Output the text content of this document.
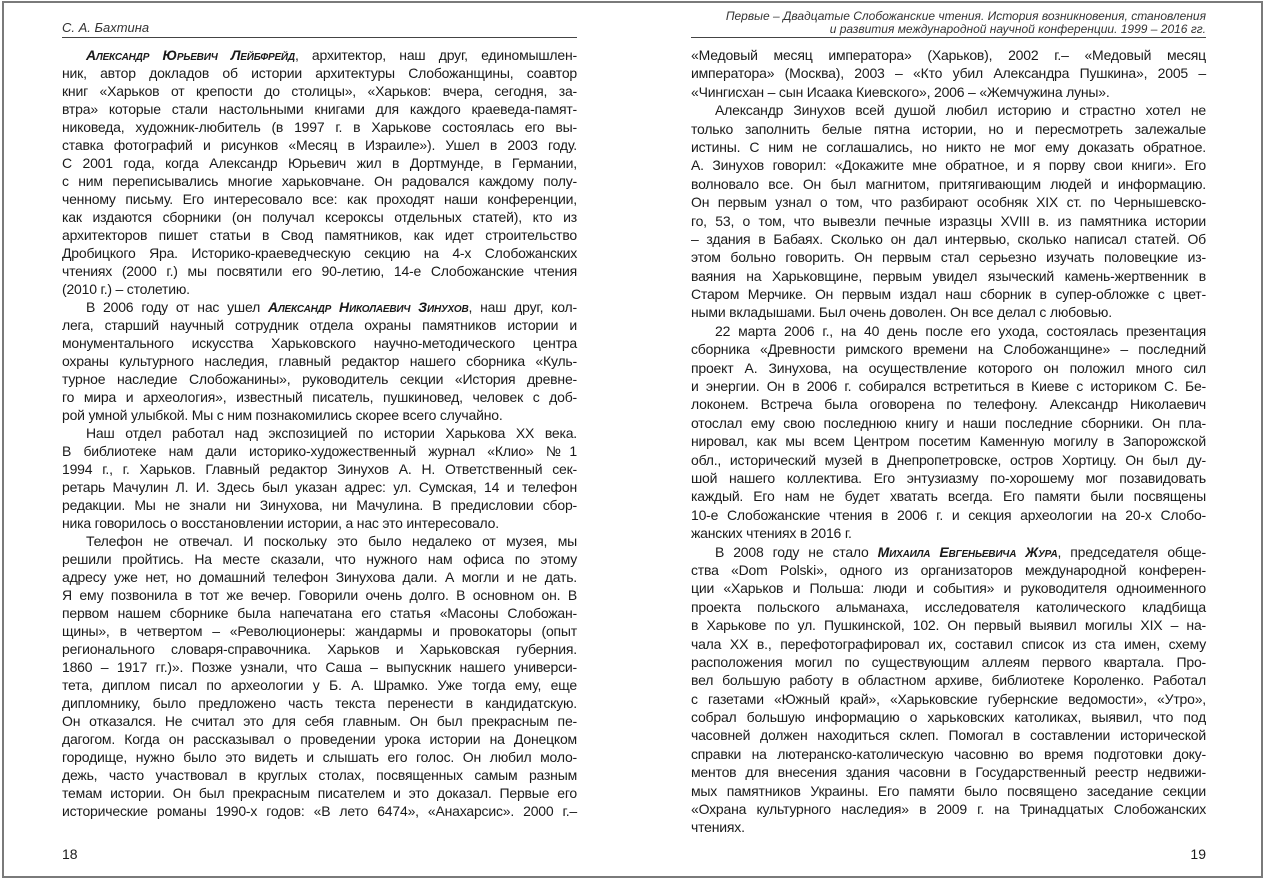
С. А. Бахтина
Александр Юрьевич Лейбфрейд, архитектор, наш друг, единомышлен-
ник, автор докладов об истории архитектуры Слобожанщины, соавтор
книг «Харьков от крепости до столицы», «Харьков: вчера, сегодня, за-
втра» которые стали настольными книгами для каждого краеведа-памят-
никоведа, художник-любитель (в 1997 г. в Харькове состоялась его вы-
ставка фотографий и рисунков «Месяц в Израиле»). Ушел в 2003 году.
С 2001 года, когда Александр Юрьевич жил в Дортмунде, в Германии,
с ним переписывались многие харьковчане. Он радовался каждому полу-
ченному письму. Его интересовало все: как проходят наши конференции,
как издаются сборники (он получал ксероксы отдельных статей), кто из
архитекторов пишет статьи в Свод памятников, как идет строительство
Дробицкого Яра. Историко-краеведческую секцию на 4-х Слобожанских
чтениях (2000 г.) мы посвятили его 90-летию, 14-е Слобожанские чтения
(2010 г.) – столетию.
В 2006 году от нас ушел Александр Николаевич Зинухов, наш друг, кол-
лега, старший научный сотрудник отдела охраны памятников истории и
монументального искусства Харьковского научно-методического центра
охраны культурного наследия, главный редактор нашего сборника «Куль-
турное наследие Слобожанины», руководитель секции «История древне-
го мира и археология», известный писатель, пушкиновед, человек с доб-
рой умной улыбкой. Мы с ним познакомились скорее всего случайно.
Наш отдел работал над экспозицией по истории Харькова XX века.
В библиотеке нам дали историко-художественный журнал «Клио» №1
1994 г., г. Харьков. Главный редактор Зинухов А. Н. Ответственный сек-
ретарь Мачулин Л. И. Здесь был указан адрес: ул. Сумская, 14 и телефон
редакции. Мы не знали ни Зинухова, ни Мачулина. В предисловии сбор-
ника говорилось о восстановлении истории, а нас это интересовало.
Телефон не отвечал. И поскольку это было недалеко от музея, мы
решили пройтись. На месте сказали, что нужного нам офиса по этому
адресу уже нет, но домашний телефон Зинухова дали. А могли и не дать.
Я ему позвонила в тот же вечер. Говорили очень долго. В основном он. В
первом нашем сборнике была напечатана его статья «Масоны Слобожан-
щины», в четвертом – «Революционеры: жандармы и провокаторы (опыт
регионального словаря-справочника. Харьков и Харьковская губерния.
1860 – 1917 гг.)». Позже узнали, что Саша – выпускник нашего универси-
тета, диплом писал по археологии у Б. А. Шрамко. Уже тогда ему, еще
дипломнику, было предложено часть текста перенести в кандидатскую.
Он отказался. Не считал это для себя главным. Он был прекрасным пе-
дагогом. Когда он рассказывал о проведении урока истории на Донецком
городище, нужно было это видеть и слышать его голос. Он любил моло-
дежь, часто участвовал в круглых столах, посвященных самым разным
темам истории. Он был прекрасным писателем и это доказал. Первые его
исторические романы 1990-х годов: «В лето 6474», «Анахарсис». 2000 г.–
18
Первые – Двадцатые Слобожанские чтения. История возникновения, становления
и развития международной научной конференции. 1999 – 2016 гг.
«Медовый месяц императора» (Харьков), 2002 г.– «Медовый месяц
императора» (Москва), 2003 – «Кто убил Александра Пушкина», 2005 –
«Чингисхан – сын Исаака Киевского», 2006 – «Жемчужина луны».
Александр Зинухов всей душой любил историю и страстно хотел не
только заполнить белые пятна истории, но и пересмотреть залежалые
истины. С ним не соглашались, но никто не мог ему доказать обратное.
А. Зинухов говорил: «Докажите мне обратное, и я порву свои книги». Его
волновало все. Он был магнитом, притягивающим людей и информацию.
Он первым узнал о том, что разбирают особняк XIX ст. по Чернышевско-
го, 53, о том, что вывезли печные изразцы XVIII в. из памятника истории
– здания в Бабаях. Сколько он дал интервью, сколько написал статей. Об
этом больно говорить. Он первым стал серьезно изучать половецкие из-
ваяния на Харьковщине, первым увидел языческий камень-жертвенник в
Старом Мерчике. Он первым издал наш сборник в супер-обложке с цвет-
ными вкладышами. Был очень доволен. Он все делал с любовью.
22 марта 2006 г., на 40 день после его ухода, состоялась презентация
сборника «Древности римского времени на Слобожанщине» – последний
проект А. Зинухова, на осуществление которого он положил много сил
и энергии. Он в 2006 г. собирался встретиться в Киеве с историком С. Бе-
локонем. Встреча была оговорена по телефону. Александр Николаевич
отослал ему свою последнюю книгу и наши последние сборники. Он пла-
нировал, как мы всем Центром посетим Каменную могилу в Запорожской
обл., исторический музей в Днепропетровске, остров Хортицу. Он был ду-
шой нашего коллектива. Его энтузиазму по-хорошему мог позавидовать
каждый. Его нам не будет хватать всегда. Его памяти были посвящены
10-е Слобожанские чтения в 2006 г. и секция археологии на 20-х Слобо-
жанских чтениях в 2016 г.
В 2008 году не стало Михаила Евгеньевича Жура, председателя обще-
ства «Dom Polski», одного из организаторов международной конферен-
ции «Харьков и Польша: люди и события» и руководителя одноименного
проекта польского альманаха, исследователя католического кладбища
в Харькове по ул. Пушкинской, 102. Он первый выявил могилы XIX – на-
чала XX в., перефотографировал их, составил список из ста имен, схему
расположения могил по существующим аллеям первого квартала. Про-
вел большую работу в областном архиве, библиотеке Короленко. Работал
с газетами «Южный край», «Харьковские губернские ведомости», «Утро»,
собрал большую информацию о харьковских католиках, выявил, что под
часовней должен находиться склеп. Помогал в составлении исторической
справки на лютеранско-католическую часовню во время подготовки доку-
ментов для внесения здания часовни в Государственный реестр недвижи-
мых памятников Украины. Его памяти было посвящено заседание секции
«Охрана культурного наследия» в 2009 г. на Тринадцатых Слобожанских
чтениях.
19
